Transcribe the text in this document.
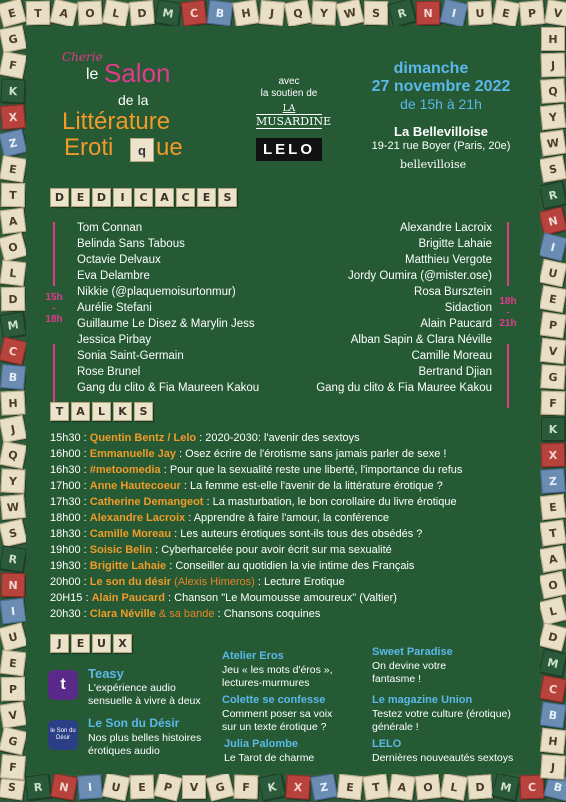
E
S
T
R
A
N
O
I
L
U
D
E
M
P
C
V
B
G
H
F
J
K
Q
X
Y
Z
W
E
S
T
R
A
N
O
I
L
U
D
E
M
P
C
V
B
G	H
F	J
K	Q
X	Y
Z	W
E	S
T	R
A	N
O	I
L	U
D	E
M	P
C	V
B	G
H	F
J	K
Q	X
Y	Z
W	E
S	T
R	A
N	O
I	L
U	D
E	M
P	C
V	B
G	H
F	J
Cherie
le Salon
de la
Littérature
Eroti	q ue
avec
la soutien de
LA
MUSARDINE
LELO
dimanche
27 novembre 2022
de 15h à 21h
La Bellevilloise
19-21 rue Boyer (Paris, 20e)
bellevilloise
D	E	D	I	C	A	C	E	S
15h
-
18h
18h
-
21h
Tom Connan
Belinda Sans Tabous
Octavie Delvaux
Eva Delambre
Nikkie (@plaquemoisurtonmur)
Aurélie Stefani
Guillaume Le Disez & Marylin Jess
Jessica Pirbay
Sonia Saint-Germain
Rose Brunel
Gang du clito & Fia Maureen Kakou
Alexandre Lacroix
Brigitte Lahaie
Matthieu Vergote
Jordy Oumira (@mister.ose)
Rosa Bursztein
Sidaction
Alain Paucard
Alban Sapin & Clara Néville
Camille Moreau
Bertrand Djian
Gang du clito & Fia Mauree Kakou
T	A	L	K	S
15h30 : Quentin Bentz / Lelo : 2020-2030: l'avenir des sextoys
16h00 : Emmanuelle Jay : Osez écrire de l'érotisme sans jamais parler de sexe !
16h30 : #metoomedia : Pour que la sexualité reste une liberté, l'importance du refus
17h00 : Anne Hautecoeur : La femme est-elle l'avenir de la littérature érotique ?
17h30 : Catherine Demangeot : La masturbation, le bon corollaire du livre érotique
18h00 : Alexandre Lacroix : Apprendre à faire l'amour, la conférence
18h30 : Camille Moreau : Les auteurs érotiques sont-ils tous des obsédés ?
19h00 : Soisic Belin : Cyberharcelée pour avoir écrit sur ma sexualité
19h30 : Brigitte Lahaie : Conseiller au quotidien la vie intime des Français
20h00 : Le son du désir (Alexis Himeros) : Lecture Erotique
20H15 : Alain Paucard : Chanson "Le Moumousse amoureux" (Valtier)
20h30 : Clara Néville & sa bande : Chansons coquines
J	E	U	X
t
Teasy
L'expérience audio
sensuelle à vivre à deux
le Son du Désir
Le Son du Désir
Nos plus belles histoires
érotiques audio
Atelier Eros
Jeu « les mots d'éros »,
lectures-murmures
Colette se confesse
Comment poser sa voix
sur un texte érotique ?
Julia Palombe
Le Tarot de charme
Sweet Paradise
On devine votre
fantasme !
Le magazine Union
Testez votre culture (érotique)
générale !
LELO
Dernières nouveautés sextoys
